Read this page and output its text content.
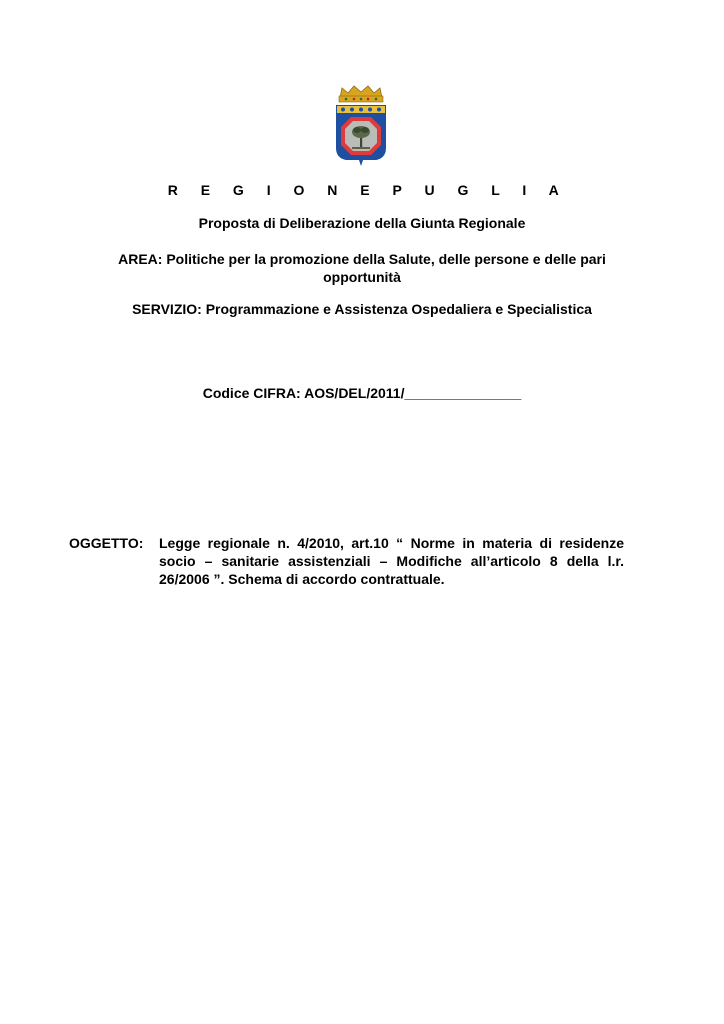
R E G I O N E P U G L I A
Proposta di Deliberazione della Giunta Regionale
AREA: Politiche per la promozione della Salute, delle persone e delle pari opportunità
SERVIZIO: Programmazione e Assistenza Ospedaliera e Specialistica
Codice CIFRA: AOS/DEL/2011/_______________
OGGETTO: Legge regionale n. 4/2010, art.10 “ Norme in materia di residenze socio – sanitarie assistenziali – Modifiche all’articolo 8 della l.r. 26/2006 ”. Schema di accordo contrattuale.
